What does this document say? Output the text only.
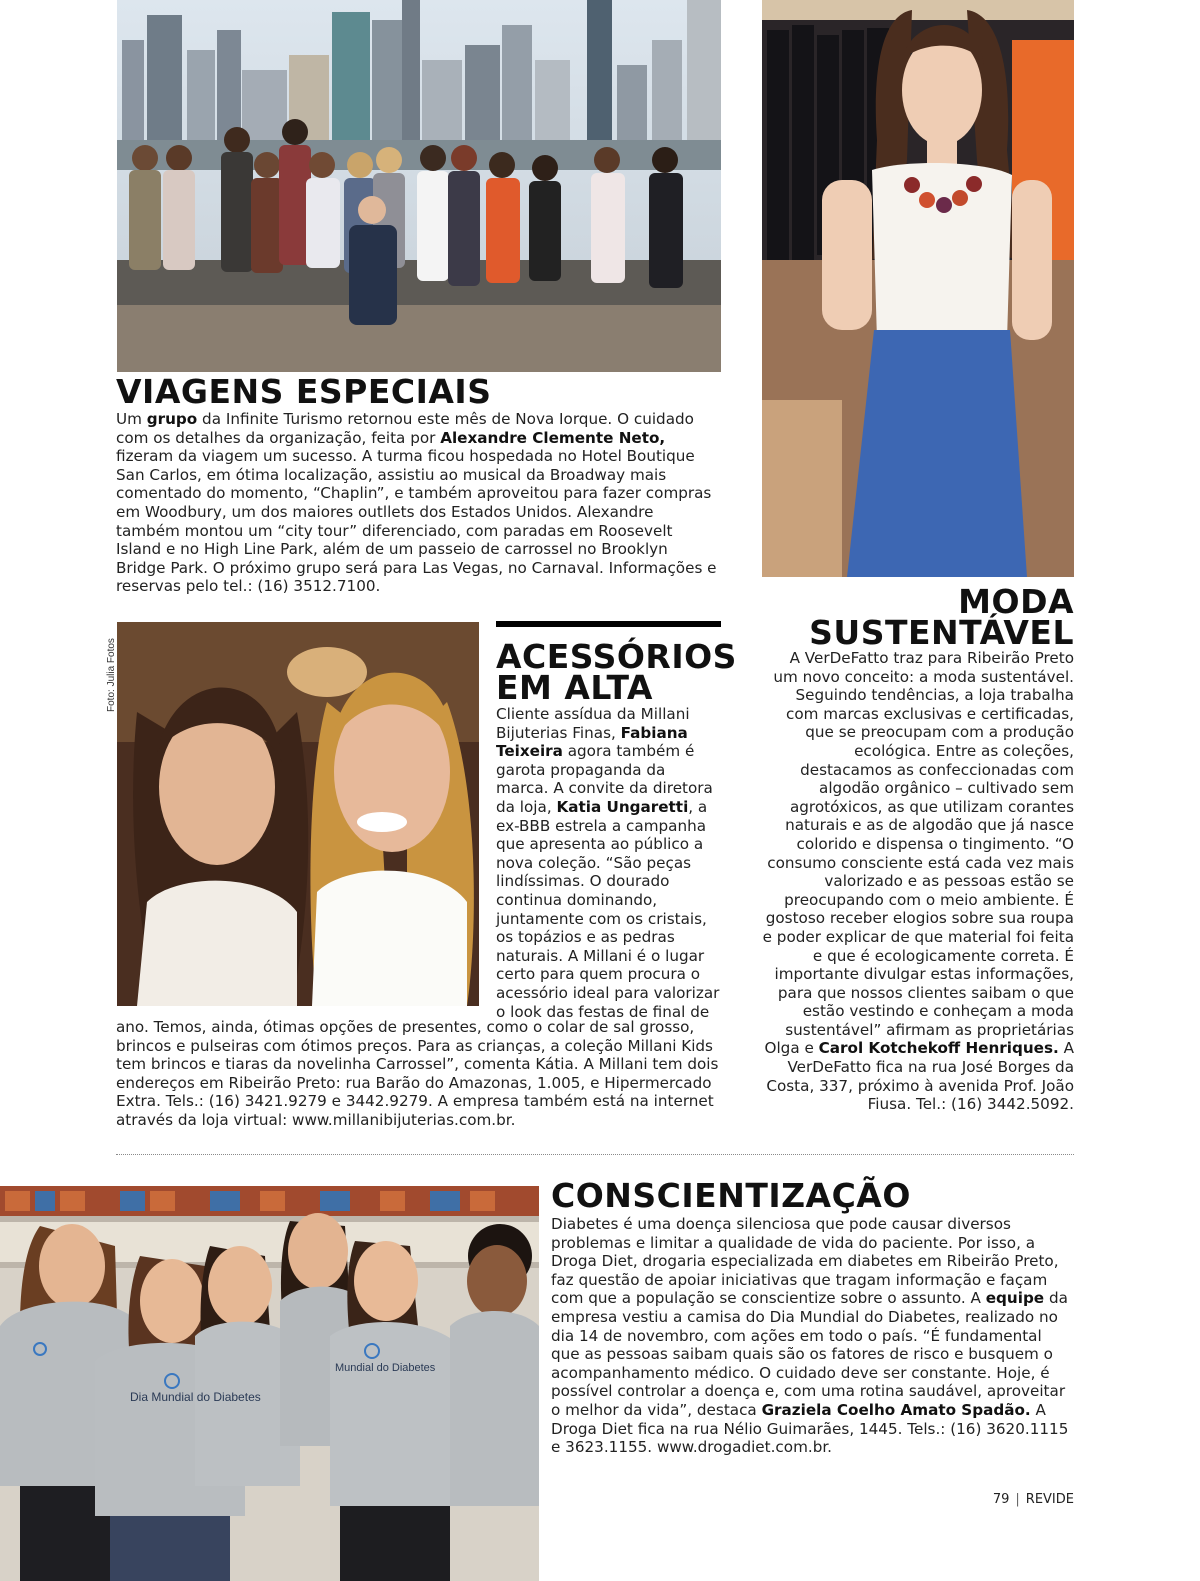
VIAGENS ESPECIAIS
Um grupo da Infinite Turismo retornou este mês de Nova Iorque. O cuidado com os detalhes da organização, feita por Alexandre Clemente Neto, fizeram da viagem um sucesso. A turma ficou hospedada no Hotel Boutique San Carlos, em ótima localização, assistiu ao musical da Broadway mais comentado do momento, “Chaplin”, e também aproveitou para fazer compras em Woodbury, um dos maiores outllets dos Estados Unidos. Alexandre também montou um “city tour” diferenciado, com paradas em Roosevelt Island e no High Line Park, além de um passeio de carrossel no Brooklyn Bridge Park. O próximo grupo será para Las Vegas, no Carnaval. Informações e reservas pelo tel.: (16) 3512.7100.
Foto: Julia Fotos	ACESSÓRIOS
EM ALTA
Cliente assídua da Millani Bijuterias Finas, Fabiana Teixeira agora também é garota propaganda da marca. A convite da diretora da loja, Katia Ungaretti, a ex-BBB estrela a campanha que apresenta ao público a nova coleção. “São peças lindíssimas. O dourado continua dominando, juntamente com os cristais, os topázios e as pedras naturais. A Millani é o lugar certo para quem procura o acessório ideal para valorizar o look das festas de final de
ano. Temos, ainda, ótimas opções de presentes, como o colar de sal grosso, brincos e pulseiras com ótimos preços. Para as crianças, a coleção Millani Kids tem brincos e tiaras da novelinha Carrossel”, comenta Kátia. A Millani tem dois endereços em Ribeirão Preto: rua Barão do Amazonas, 1.005, e Hipermercado Extra. Tels.: (16) 3421.9279 e 3442.9279. A empresa também está na internet através da loja virtual: www.millanibijuterias.com.br.
MODA
SUSTENTÁVEL
A VerDeFatto traz para Ribeirão Preto um novo conceito: a moda sustentável. Seguindo tendências, a loja trabalha com marcas exclusivas e certificadas, que se preocupam com a produção ecológica. Entre as coleções, destacamos as confeccionadas com algodão orgânico – cultivado sem agrotóxicos, as que utilizam corantes naturais e as de algodão que já nasce colorido e dispensa o tingimento. “O consumo consciente está cada vez mais valorizado e as pessoas estão se preocupando com o meio ambiente. É gostoso receber elogios sobre sua roupa e poder explicar de que material foi feita e que é ecologicamente correta. É importante divulgar estas informações, para que nossos clientes saibam o que estão vestindo e conheçam a moda sustentável” afirmam as proprietárias Olga e Carol Kotchekoff Henriques. A VerDeFatto fica na rua José Borges da Costa, 337, próximo à avenida Prof. João Fiusa. Tel.: (16) 3442.5092.
Dia Mundial do Diabetes
Mundial do Diabetes
CONSCIENTIZAÇÃO
Diabetes é uma doença silenciosa que pode causar diversos problemas e limitar a qualidade de vida do paciente. Por isso, a Droga Diet, drogaria especializada em diabetes em Ribeirão Preto, faz questão de apoiar iniciativas que tragam informação e façam com que a população se conscientize sobre o assunto. A equipe da empresa vestiu a camisa do Dia Mundial do Diabetes, realizado no dia 14 de novembro, com ações em todo o país. “É fundamental que as pessoas saibam quais são os fatores de risco e busquem o acompanhamento médico. O cuidado deve ser constante. Hoje, é possível controlar a doença e, com uma rotina saudável, aproveitar o melhor da vida”, destaca Graziela Coelho Amato Spadão. A Droga Diet fica na rua Nélio Guimarães, 1445. Tels.: (16) 3620.1115 e 3623.1155. www.drogadiet.com.br.
79 | REVIDE
